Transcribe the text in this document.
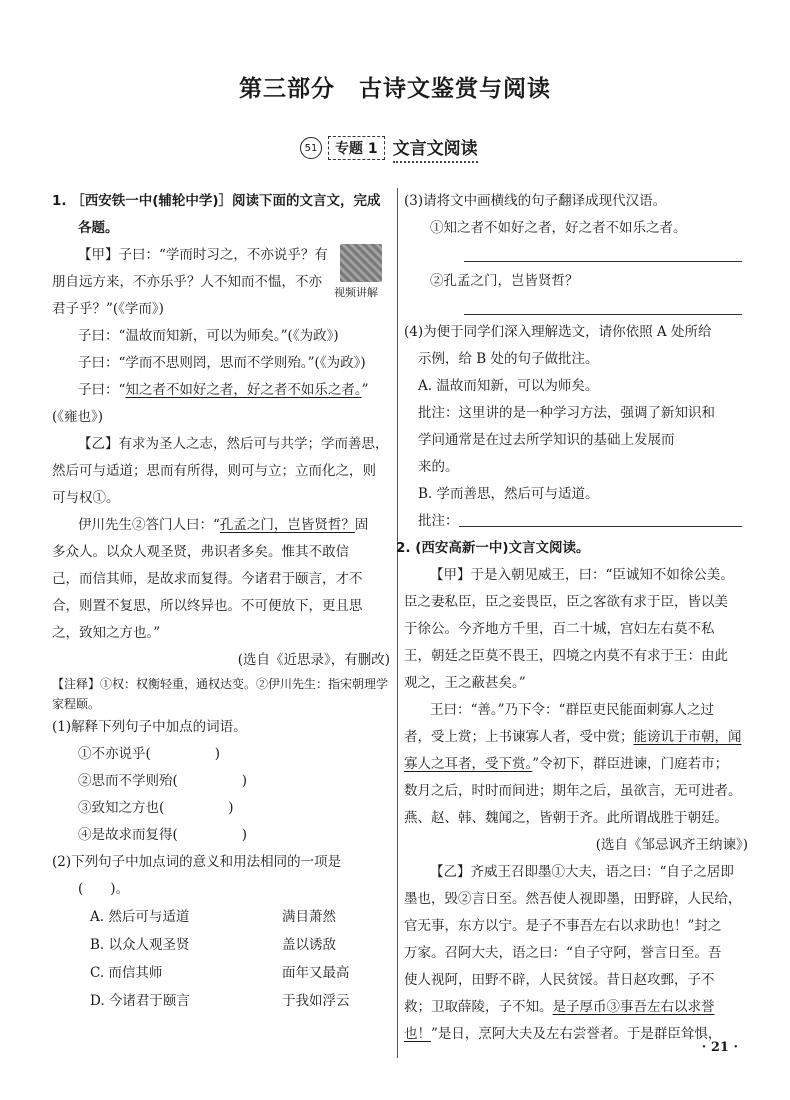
第三部分　古诗文鉴赏与阅读
51	专题 1 文言文阅读
1. ［西安铁一中(辅轮中学)］阅读下面的文言文，完成
各题。
视频讲解
【甲】子曰：“学而时习之，不亦说乎？有
朋自远方来，不亦乐乎？人不知而不愠，不亦
君子乎？”(《学而》)
子曰：“温故而知新，可以为师矣。”(《为政》)
子曰：“学而不思则罔，思而不学则殆。”(《为政》)
子曰：“知之者不如好之者，好之者不如乐之者。”
(《雍也》)
【乙】有求为圣人之志，然后可与共学；学而善思，
然后可与适道；思而有所得，则可与立；立而化之，则
可与权①。
伊川先生②答门人曰：“孔孟之门，岂皆贤哲？固
多众人。以众人观圣贤，弗识者多矣。惟其不敢信
己，而信其师，是故求而复得。今诸君于颐言，才不
合，则置不复思，所以终异也。不可便放下，更且思
之，致知之方也。”
(选自《近思录》，有删改)
【注释】①权：权衡轻重，通权达变。②伊川先生：指宋朝理学
家程颐。
(1)解释下列句子中加点的词语。
①不亦说乎(	)
②思而不学则殆(	)
③致知之方也(	)
④是故求而复得(	)
(2)下列句子中加点词的意义和用法相同的一项是
(　　)。
A. 然后可与适道	满目萧然
B. 以众人观圣贤	盖以诱敌
C. 而信其师	面年又最高
D. 今诸君于颐言	于我如浮云
(3)请将文中画横线的句子翻译成现代汉语。
①知之者不如好之者，好之者不如乐之者。
②孔孟之门，岂皆贤哲？
(4)为便于同学们深入理解选文，请你依照 A 处所给
示例，给 B 处的句子做批注。
A. 温故而知新，可以为师矣。
批注：这里讲的是一种学习方法，强调了新知识和
学问通常是在过去所学知识的基础上发展而
来的。
B. 学而善思，然后可与适道。
批注：
2. (西安高新一中)文言文阅读。
【甲】于是入朝见威王，曰：“臣诚知不如徐公美。
臣之妻私臣，臣之妾畏臣，臣之客欲有求于臣，皆以美
于徐公。今齐地方千里，百二十城，宫妇左右莫不私
王，朝廷之臣莫不畏王，四境之内莫不有求于王：由此
观之，王之蔽甚矣。”
王曰：“善。”乃下令：“群臣吏民能面刺寡人之过
者，受上赏；上书谏寡人者，受中赏；能谤讥于市朝，闻
寡人之耳者，受下赏。”令初下，群臣进谏，门庭若市；
数月之后，时时而间进；期年之后，虽欲言，无可进者。
燕、赵、韩、魏闻之，皆朝于齐。此所谓战胜于朝廷。
(选自《邹忌讽齐王纳谏》)
【乙】齐威王召即墨①大夫，语之曰：“自子之居即
墨也，毁②言日至。然吾使人视即墨，田野辟，人民给，
官无事，东方以宁。是子不事吾左右以求助也！”封之
万家。召阿大夫，语之曰：“自子守阿，誉言日至。吾
使人视阿，田野不辟，人民贫馁。昔日赵攻鄄，子不
救；卫取薛陵，子不知。是子厚币③事吾左右以求誉
也！”是日，烹阿大夫及左右尝誉者。于是群臣耸惧，
· 21 ·
